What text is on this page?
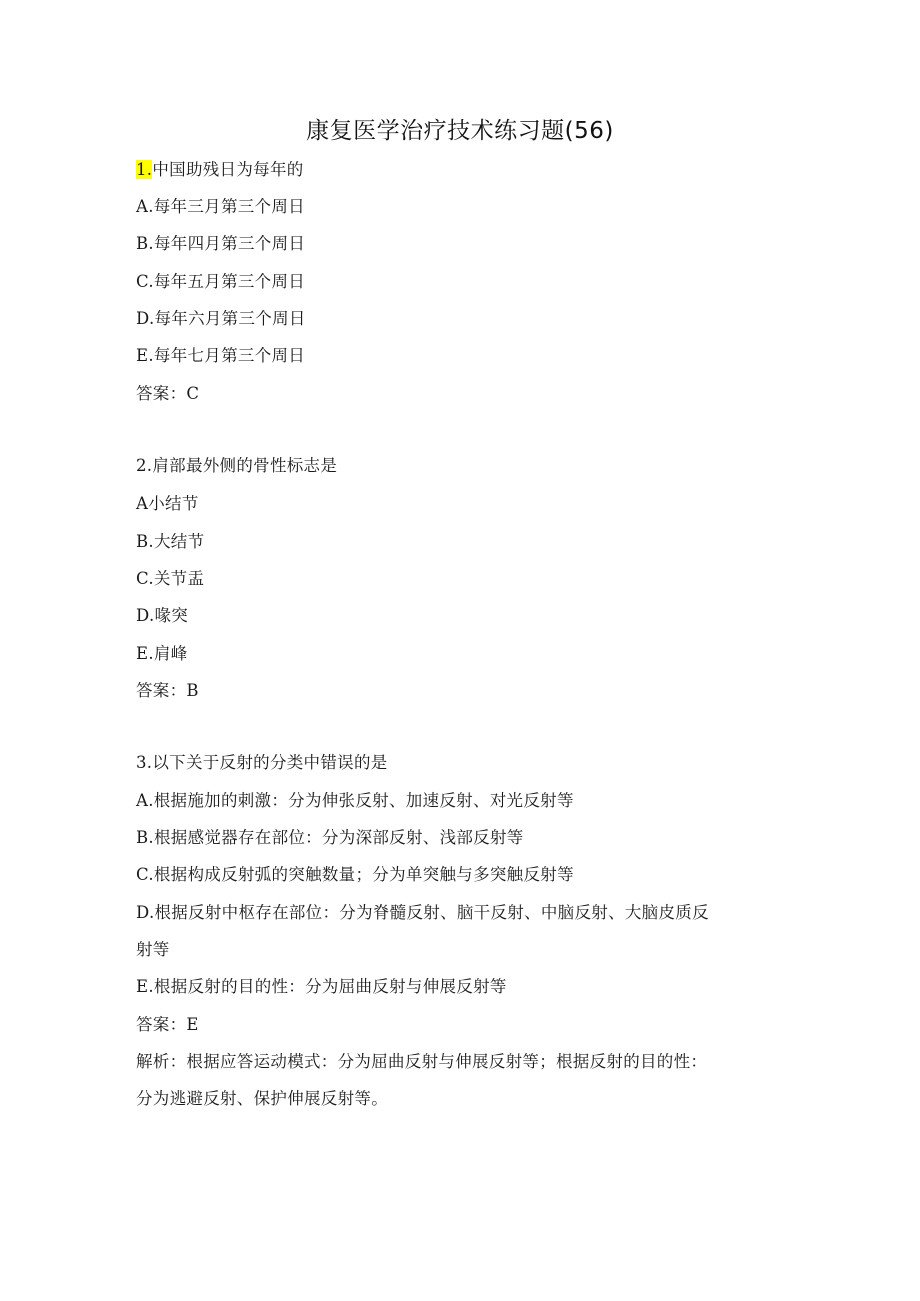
康复医学治疗技术练习题(56)
1.中国助残日为每年的
A.每年三月第三个周日
B.每年四月第三个周日
C.每年五月第三个周日
D.每年六月第三个周日
E.每年七月第三个周日
答案：C
2.肩部最外侧的骨性标志是
A小结节
B.大结节
C.关节盂
D.喙突
E.肩峰
答案：B
3.以下关于反射的分类中错误的是
A.根据施加的刺激：分为伸张反射、加速反射、对光反射等
B.根据感觉器存在部位：分为深部反射、浅部反射等
C.根据构成反射弧的突触数量；分为单突触与多突触反射等
D.根据反射中枢存在部位：分为脊髓反射、脑干反射、中脑反射、大脑皮质反
射等
E.根据反射的目的性：分为屈曲反射与伸展反射等
答案：E
解析：根据应答运动模式：分为屈曲反射与伸展反射等；根据反射的目的性：
分为逃避反射、保护伸展反射等。
